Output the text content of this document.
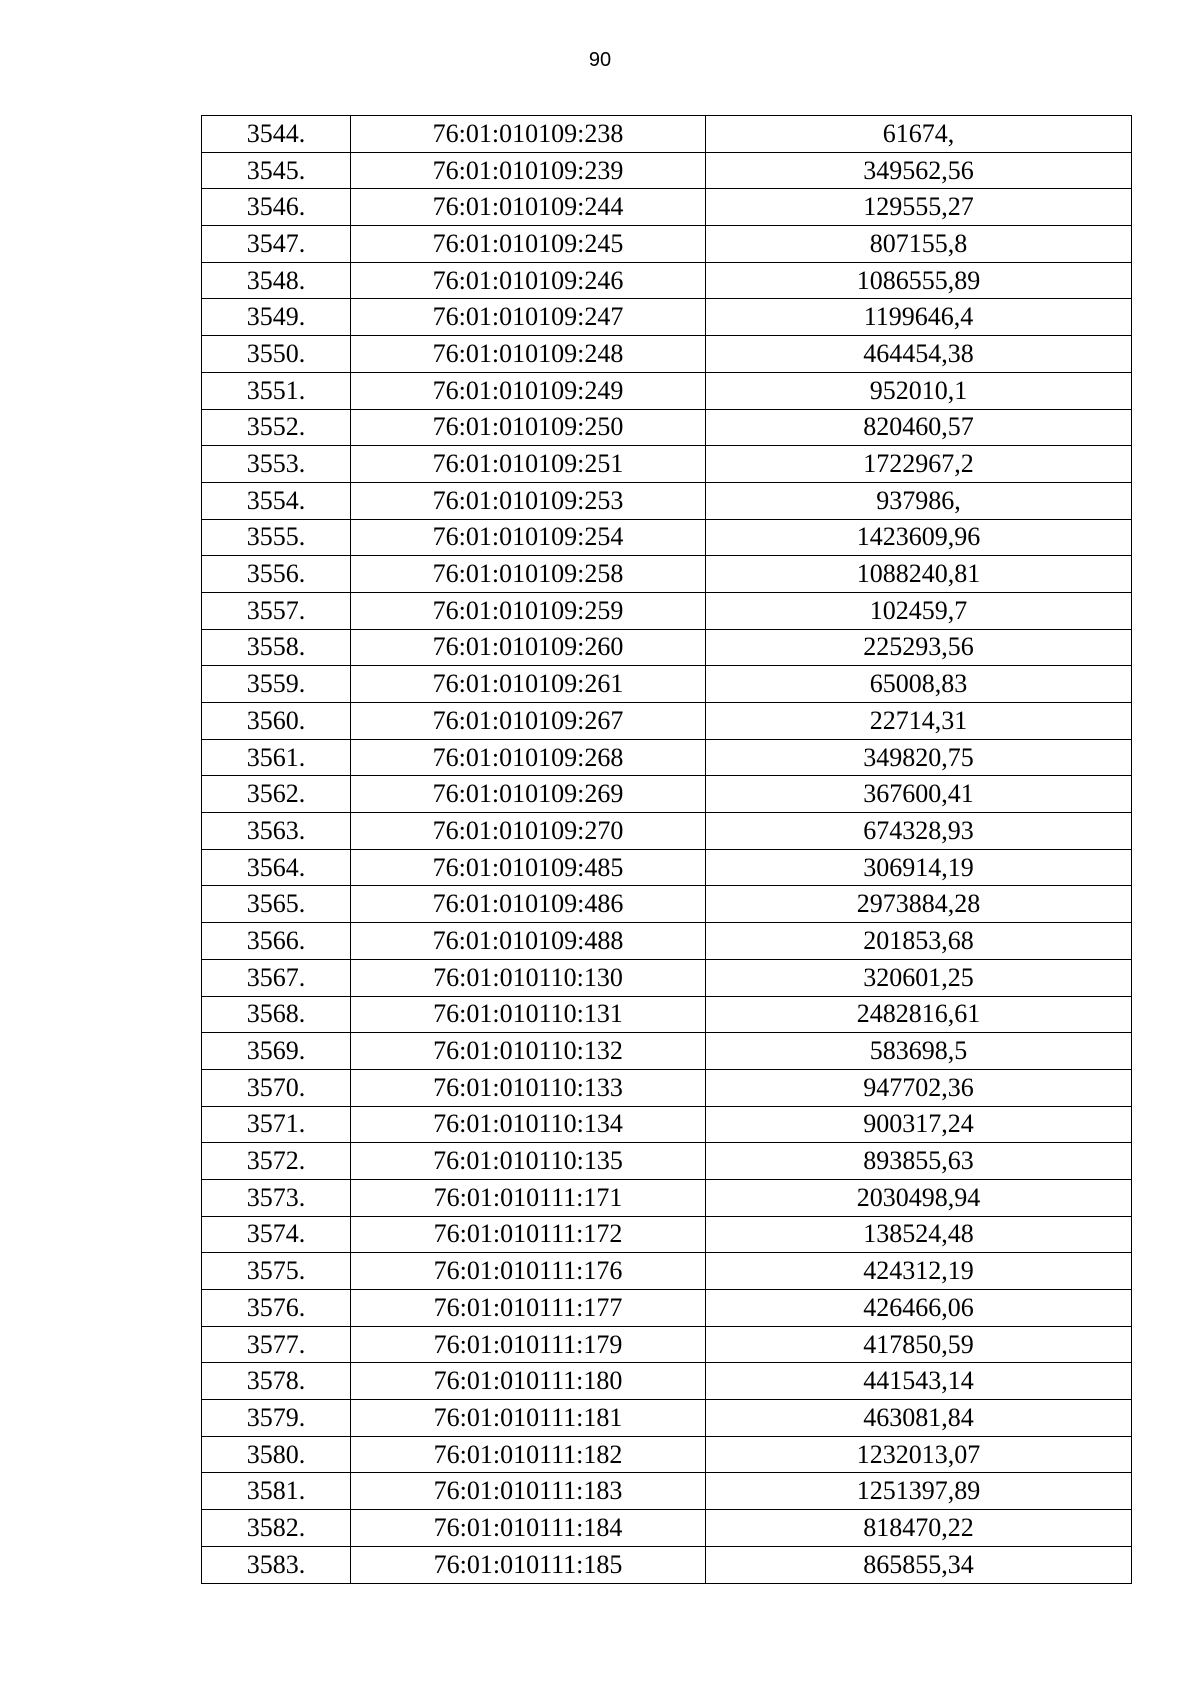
90
3544.	76:01:010109:238	61674,
3545.	76:01:010109:239	349562,56
3546.	76:01:010109:244	129555,27
3547.	76:01:010109:245	807155,8
3548.	76:01:010109:246	1086555,89
3549.	76:01:010109:247	1199646,4
3550.	76:01:010109:248	464454,38
3551.	76:01:010109:249	952010,1
3552.	76:01:010109:250	820460,57
3553.	76:01:010109:251	1722967,2
3554.	76:01:010109:253	937986,
3555.	76:01:010109:254	1423609,96
3556.	76:01:010109:258	1088240,81
3557.	76:01:010109:259	102459,7
3558.	76:01:010109:260	225293,56
3559.	76:01:010109:261	65008,83
3560.	76:01:010109:267	22714,31
3561.	76:01:010109:268	349820,75
3562.	76:01:010109:269	367600,41
3563.	76:01:010109:270	674328,93
3564.	76:01:010109:485	306914,19
3565.	76:01:010109:486	2973884,28
3566.	76:01:010109:488	201853,68
3567.	76:01:010110:130	320601,25
3568.	76:01:010110:131	2482816,61
3569.	76:01:010110:132	583698,5
3570.	76:01:010110:133	947702,36
3571.	76:01:010110:134	900317,24
3572.	76:01:010110:135	893855,63
3573.	76:01:010111:171	2030498,94
3574.	76:01:010111:172	138524,48
3575.	76:01:010111:176	424312,19
3576.	76:01:010111:177	426466,06
3577.	76:01:010111:179	417850,59
3578.	76:01:010111:180	441543,14
3579.	76:01:010111:181	463081,84
3580.	76:01:010111:182	1232013,07
3581.	76:01:010111:183	1251397,89
3582.	76:01:010111:184	818470,22
3583.	76:01:010111:185	865855,34
